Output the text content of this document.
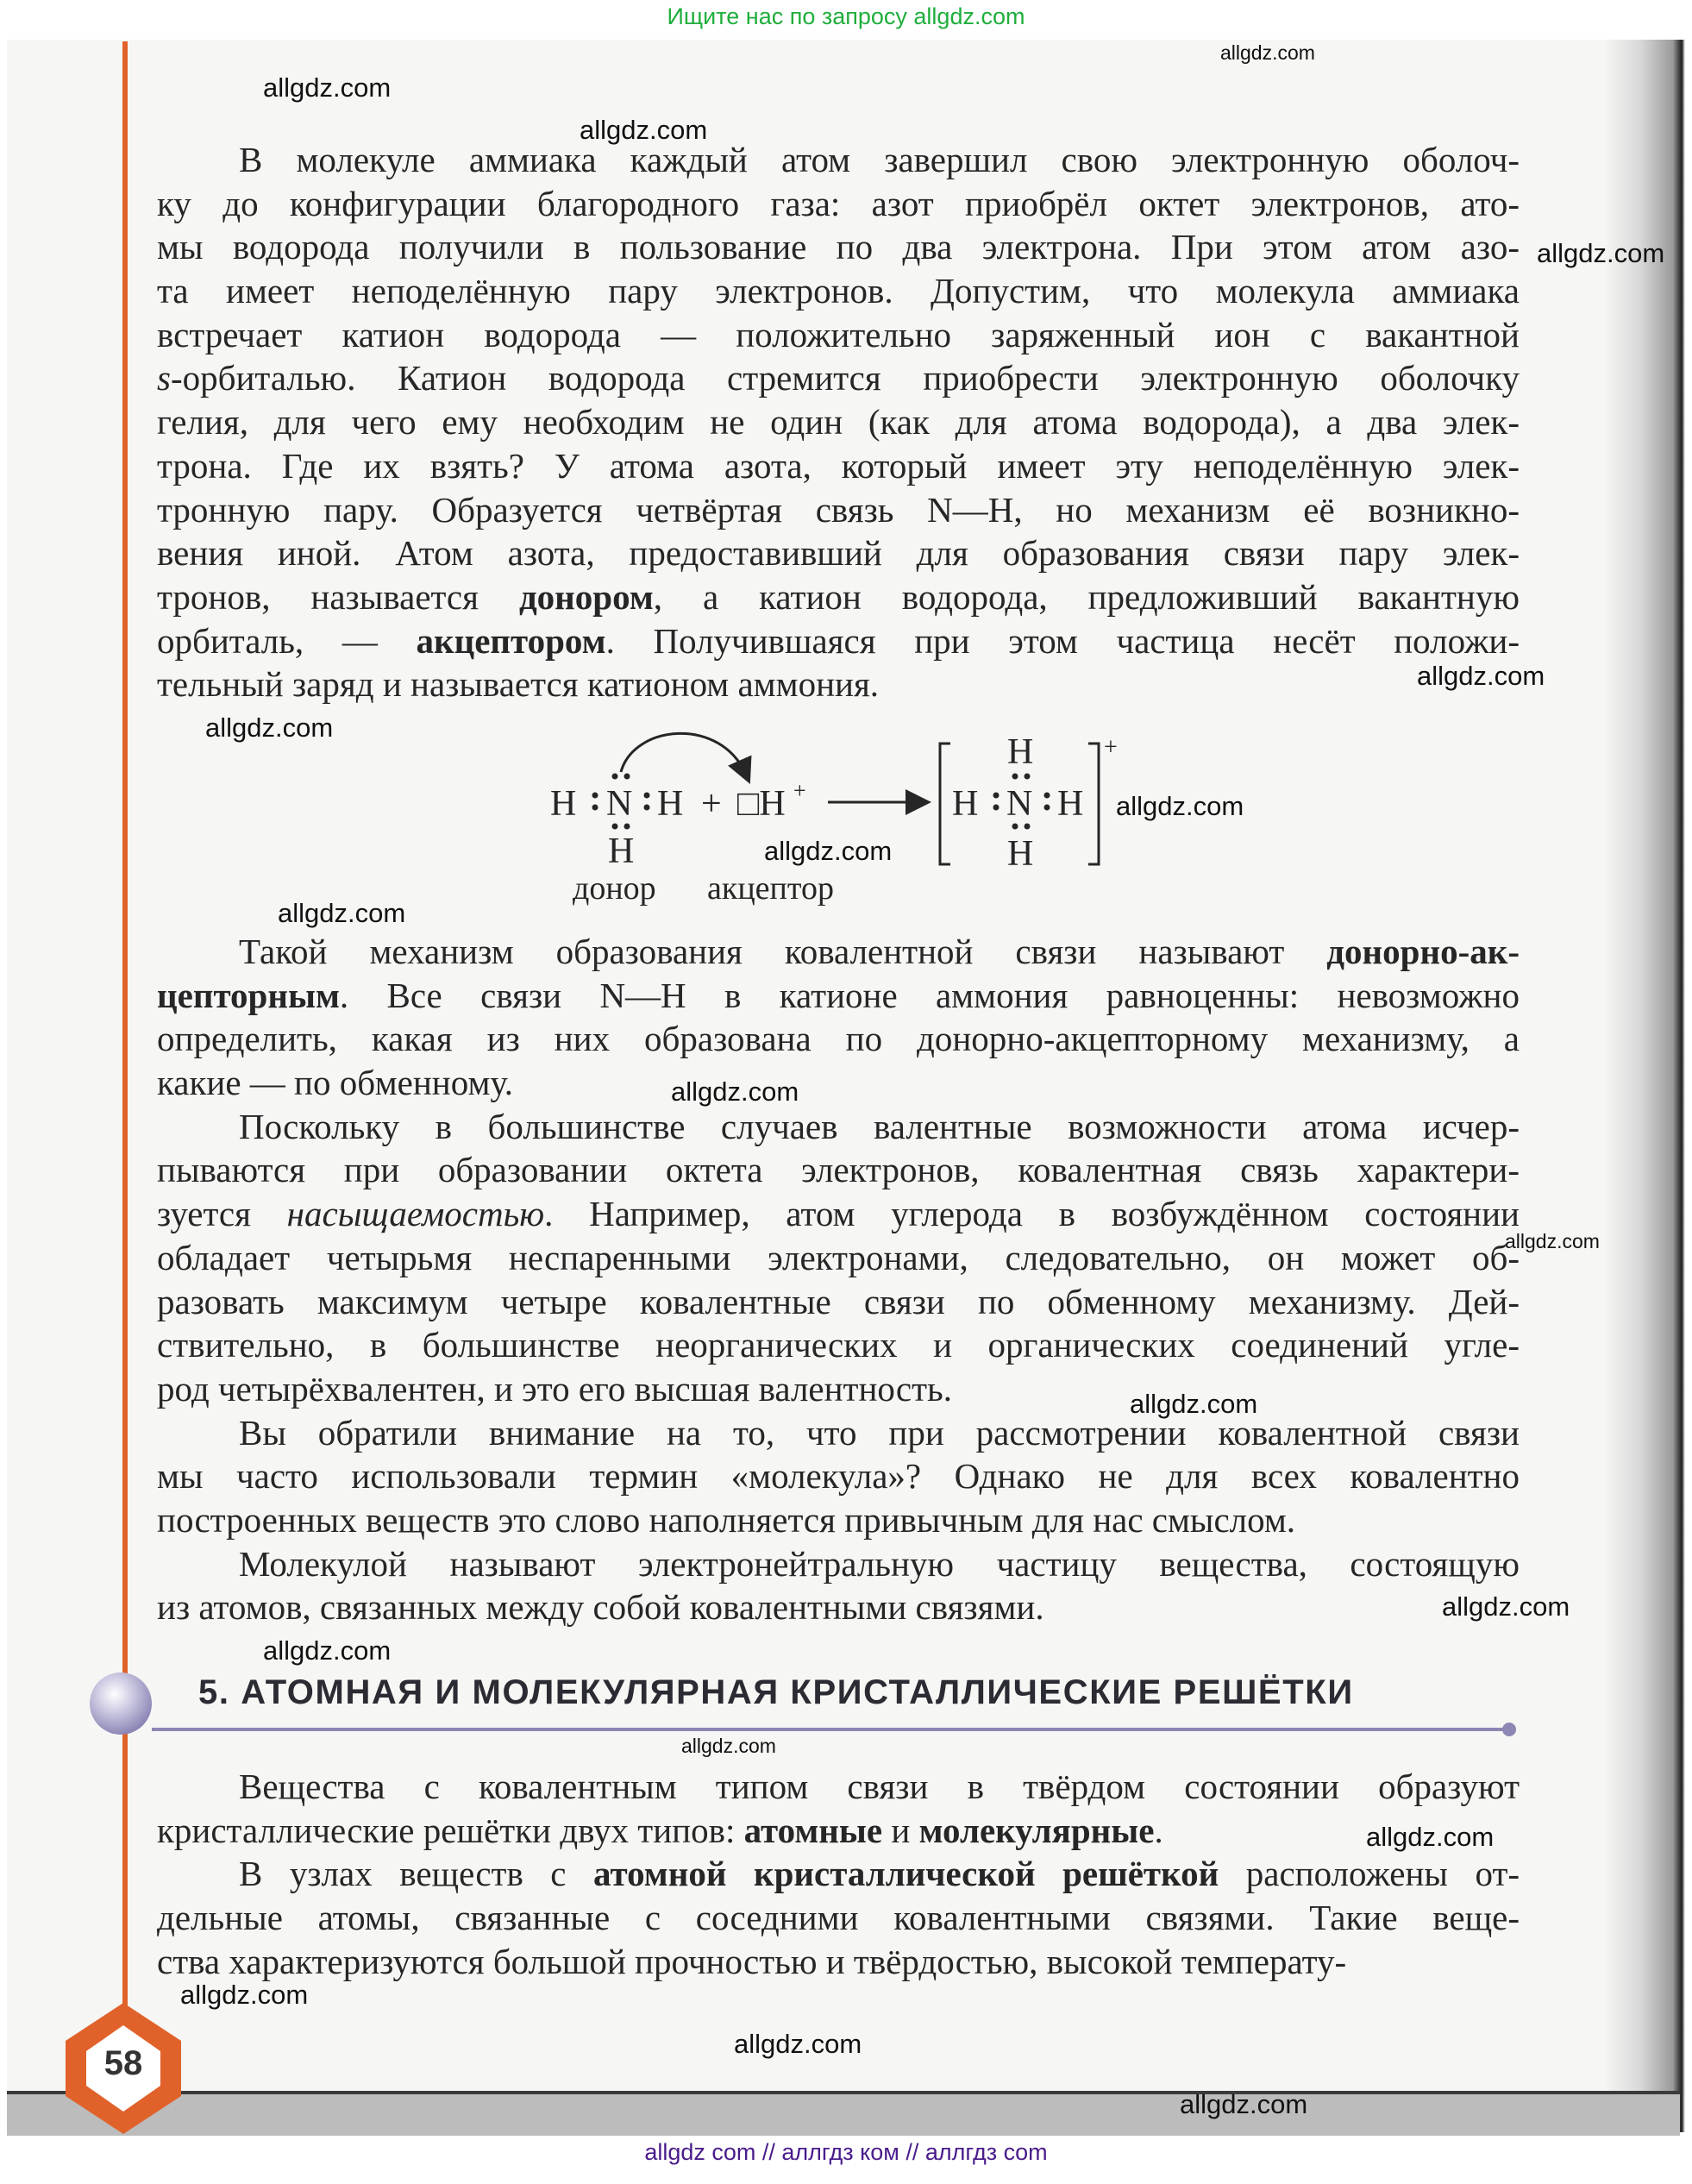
Ищите нас по запросу allgdz.com
В молекуле аммиака каждый атом завершил свою электронную оболоч-
ку до конфигурации благородного газа: азот приобрёл октет электронов, ато-
мы водорода получили в пользование по два электрона. При этом атом азо-
та имеет неподелённую пару электронов. Допустим, что молекула аммиака
встречает катион водорода — положительно заряженный ион с вакантной
s-орбиталью. Катион водорода стремится приобрести электронную оболочку
гелия, для чего ему необходим не один (как для атома водорода), а два элек-
трона. Где их взять? У атома азота, который имеет эту неподелённую элек-
тронную пару. Образуется четвёртая связь N—H, но механизм её возникно-
вения иной. Атом азота, предоставивший для образования связи пару элек-
тронов, называется донором, а катион водорода, предложивший вакантную
орбиталь, — акцептором. Получившаяся при этом частица несёт положи-
тельный заряд и называется катионом аммония.
H N H
H
+ □H +
+
H
H N H
H
донор акцептор
Такой механизм образования ковалентной связи называют донорно-ак-
цепторным. Все связи N—H в катионе аммония равноценны: невозможно
определить, какая из них образована по донорно-акцепторному механизму, а
какие — по обменному.
Поскольку в большинстве случаев валентные возможности атома исчер-
пываются при образовании октета электронов, ковалентная связь характери-
зуется насыщаемостью. Например, атом углерода в возбуждённом состоянии
обладает четырьмя неспаренными электронами, следовательно, он может об-
разовать максимум четыре ковалентные связи по обменному механизму. Дей-
ствительно, в большинстве неорганических и органических соединений угле-
род четырёхвалентен, и это его высшая валентность.
Вы обратили внимание на то, что при рассмотрении ковалентной связи
мы часто использовали термин «молекула»? Однако не для всех ковалентно
построенных веществ это слово наполняется привычным для нас смыслом.
Молекулой называют электронейтральную частицу вещества, состоящую
из атомов, связанных между собой ковалентными связями.
5. АТОМНАЯ И МОЛЕКУЛЯРНАЯ КРИСТАЛЛИЧЕСКИЕ РЕШЁТКИ
Вещества с ковалентным типом связи в твёрдом состоянии образуют
кристаллические решётки двух типов: атомные и молекулярные.
В узлах веществ с атомной кристаллической решёткой расположены от-
дельные атомы, связанные с соседними ковалентными связями. Такие веще-
ства характеризуются большой прочностью и твёрдостью, высокой температу-
58
allgdz.com
allgdz.com
allgdz.com
allgdz.com
allgdz.com
allgdz.com
allgdz.com
allgdz.com
allgdz.com
allgdz.com
allgdz.com
allgdz.com
allgdz.com
allgdz.com
allgdz.com
allgdz.com
allgdz.com
allgdz.com
allgdz.com
allgdz com // аллгдз ком // аллгдз com
